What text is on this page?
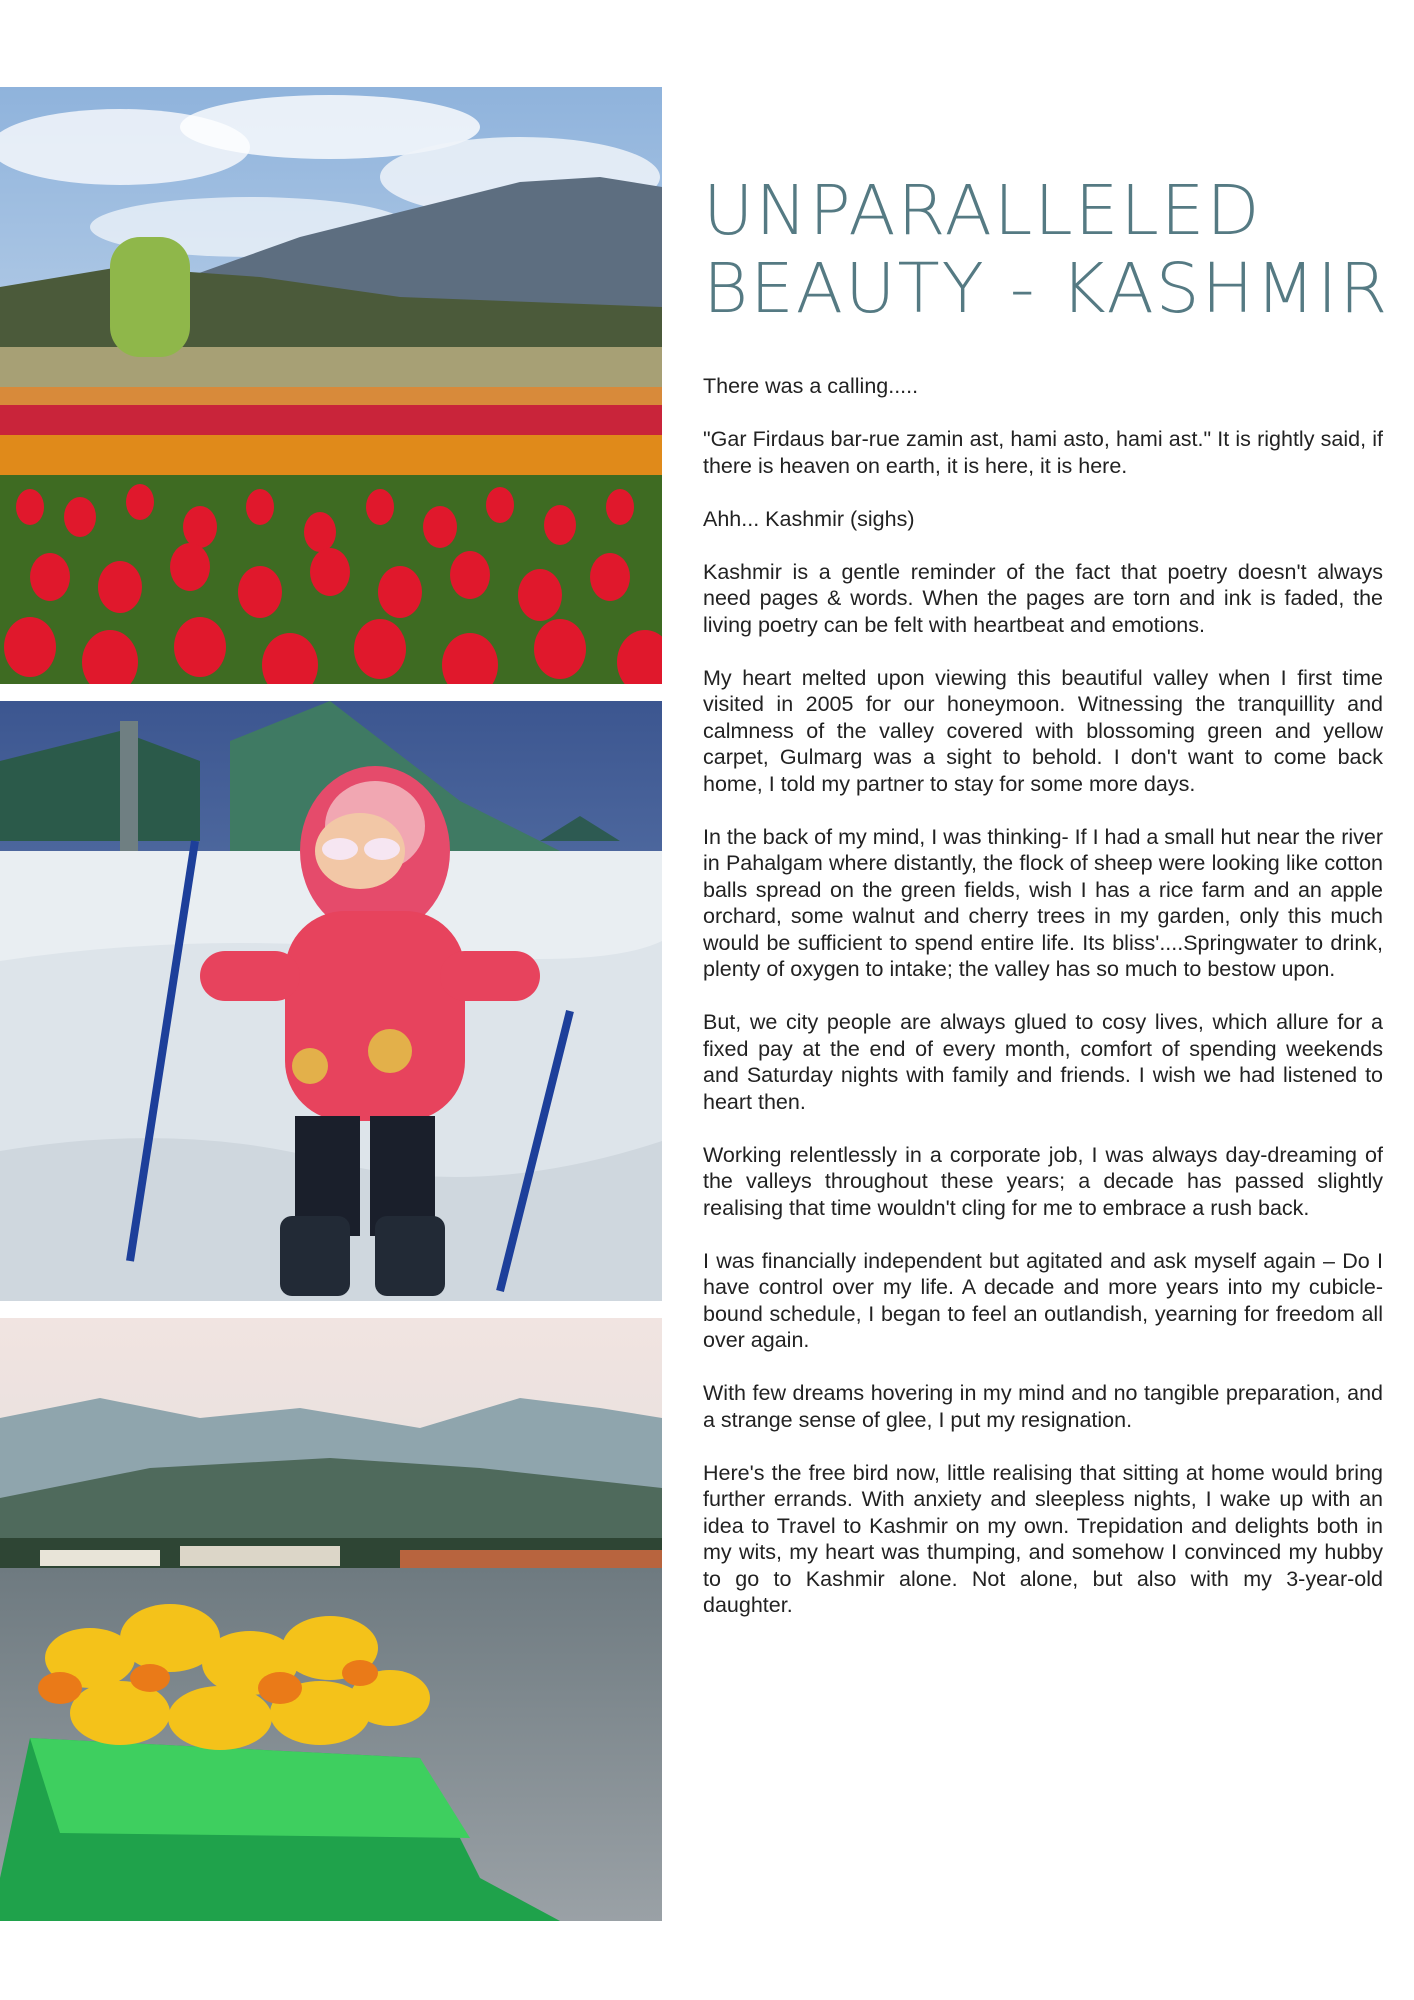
UNPARALLELED
BEAUTY - KASHMIR

There was a calling.....

"Gar Firdaus bar-rue zamin ast, hami asto, hami ast." It is rightly said, if there is heaven on earth, it is here, it is here.

Ahh... Kashmir (sighs)

Kashmir is a gentle reminder of the fact that poetry doesn't always need pages & words. When the pages are torn and ink is faded, the living poetry can be felt with heartbeat and emotions.

My heart melted upon viewing this beautiful valley when I first time visited in 2005 for our honeymoon. Witnessing the tranquillity and calmness of the valley covered with blossoming green and yellow carpet, Gulmarg was a sight to behold. I don't want to come back home, I told my partner to stay for some more days.

In the back of my mind, I was thinking- If I had a small hut near the river in Pahalgam where distantly, the flock of sheep were looking like cotton balls spread on the green fields, wish I has a rice farm and an apple orchard, some walnut and cherry trees in my garden, only this much would be sufficient to spend entire life. Its bliss'....Springwater to drink, plenty of oxygen to intake; the valley has so much to bestow upon.

But, we city people are always glued to cosy lives, which allure for a fixed pay at the end of every month, comfort of spending weekends and Saturday nights with family and friends. I wish we had listened to heart then.

Working relentlessly in a corporate job, I was always day-dreaming of the valleys throughout these years; a decade has passed slightly realising that time wouldn't cling for me to embrace a rush back.

I was financially independent but agitated and ask myself again – Do I have control over my life. A decade and more years into my cubicle-bound schedule, I began to feel an outlandish, yearning for freedom all over again.

With few dreams hovering in my mind and no tangible preparation, and a strange sense of glee, I put my resignation.

Here's the free bird now, little realising that sitting at home would bring further errands. With anxiety and sleepless nights, I wake up with an idea to Travel to Kashmir on my own. Trepidation and delights both in my wits, my heart was thumping, and somehow I convinced my hubby to go to Kashmir alone. Not alone, but also with my 3-year-old daughter.
